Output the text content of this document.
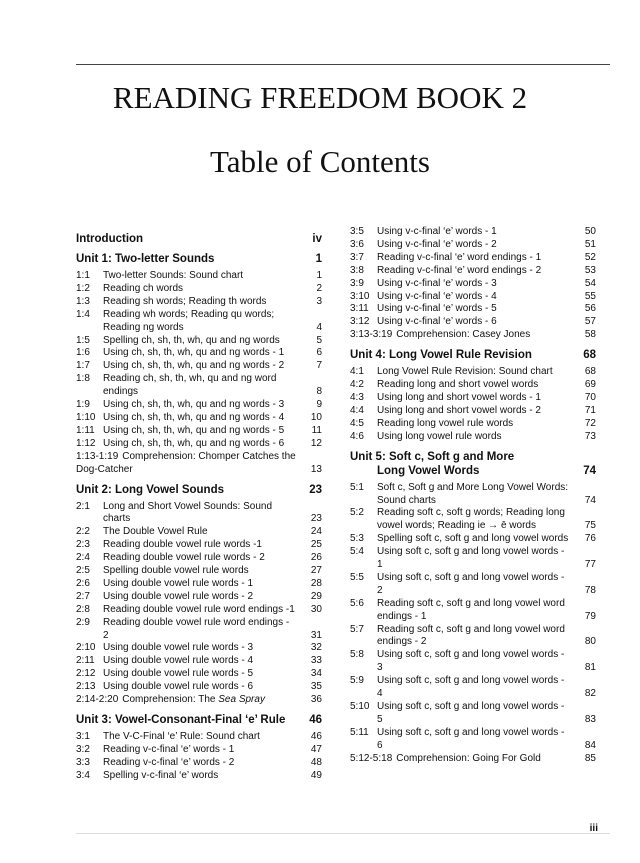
READING FREEDOM BOOK 2
Table of Contents
Introduction	iv
Unit 1: Two-letter Sounds	1
1:1 Two-letter Sounds: Sound chart	1
1:2 Reading ch words	2
1:3 Reading sh words; Reading th words	3
1:4 Reading wh words; Reading qu words; Reading ng words	4
1:5 Spelling ch, sh, th, wh, qu and ng words	5
1:6 Using ch, sh, th, wh, qu and ng words - 1	6
1:7 Using ch, sh, th, wh, qu and ng words - 2	7
1:8 Reading ch, sh, th, wh, qu and ng word endings	8
1:9 Using ch, sh, th, wh, qu and ng words - 3	9
1:10 Using ch, sh, th, wh, qu and ng words - 4	10
1:11 Using ch, sh, th, wh, qu and ng words - 5	11
1:12 Using ch, sh, th, wh, qu and ng words - 6	12
1:13-1:19 Comprehension: Chomper Catches the Dog-Catcher	13
Unit 2: Long Vowel Sounds	23
2:1 Long and Short Vowel Sounds: Sound charts	23
2:2 The Double Vowel Rule	24
2:3 Reading double vowel rule words -1	25
2:4 Reading double vowel rule words - 2	26
2:5 Spelling double vowel rule words	27
2:6 Using double vowel rule words - 1	28
2:7 Using double vowel rule words - 2	29
2:8 Reading double vowel rule word endings -1	30
2:9 Reading double vowel rule word endings - 2	31
2:10 Using double vowel rule words - 3	32
2:11 Using double vowel rule words - 4	33
2:12 Using double vowel rule words - 5	34
2:13 Using double vowel rule words - 6	35
2:14-2:20 Comprehension: The Sea Spray	36
Unit 3: Vowel-Consonant-Final ‘e’ Rule 46
3:1 The V-C-Final ‘e’ Rule: Sound chart	46
3:2 Reading v-c-final ‘e’ words - 1	47
3:3 Reading v-c-final ‘e’ words - 2	48
3:4 Spelling v-c-final ‘e’ words	49
3:5 Using v-c-final ‘e’ words - 1	50
3:6 Using v-c-final ‘e’ words - 2	51
3:7 Reading v-c-final ‘e’ word endings - 1	52
3:8 Reading v-c-final ‘e’ word endings - 2	53
3:9 Using v-c-final ‘e’ words - 3	54
3:10 Using v-c-final ‘e’ words - 4	55
3:11 Using v-c-final ‘e’ words - 5	56
3:12 Using v-c-final ‘e’ words - 6	57
3:13-3:19 Comprehension: Casey Jones	58
Unit 4: Long Vowel Rule Revision	68
4:1 Long Vowel Rule Revision: Sound chart	68
4:2 Reading long and short vowel words	69
4:3 Using long and short vowel words - 1	70
4:4 Using long and short vowel words - 2	71
4:5 Reading long vowel rule words	72
4:6 Using long vowel rule words	73
Unit 5: Soft c, Soft g and More
Long Vowel Words	74
5:1 Soft c, Soft g and More Long Vowel Words: Sound charts	74
5:2 Reading soft c, soft g words; Reading long vowel words; Reading ie → ē words	75
5:3 Spelling soft c, soft g and long vowel words	76
5:4 Using soft c, soft g and long vowel words - 1	77
5:5 Using soft c, soft g and long vowel words - 2	78
5:6 Reading soft c, soft g and long vowel word endings - 1	79
5:7 Reading soft c, soft g and long vowel word endings - 2	80
5:8 Using soft c, soft g and long vowel words - 3	81
5:9 Using soft c, soft g and long vowel words - 4	82
5:10 Using soft c, soft g and long vowel words - 5	83
5:11 Using soft c, soft g and long vowel words - 6	84
5:12-5:18 Comprehension: Going For Gold	85
iii
